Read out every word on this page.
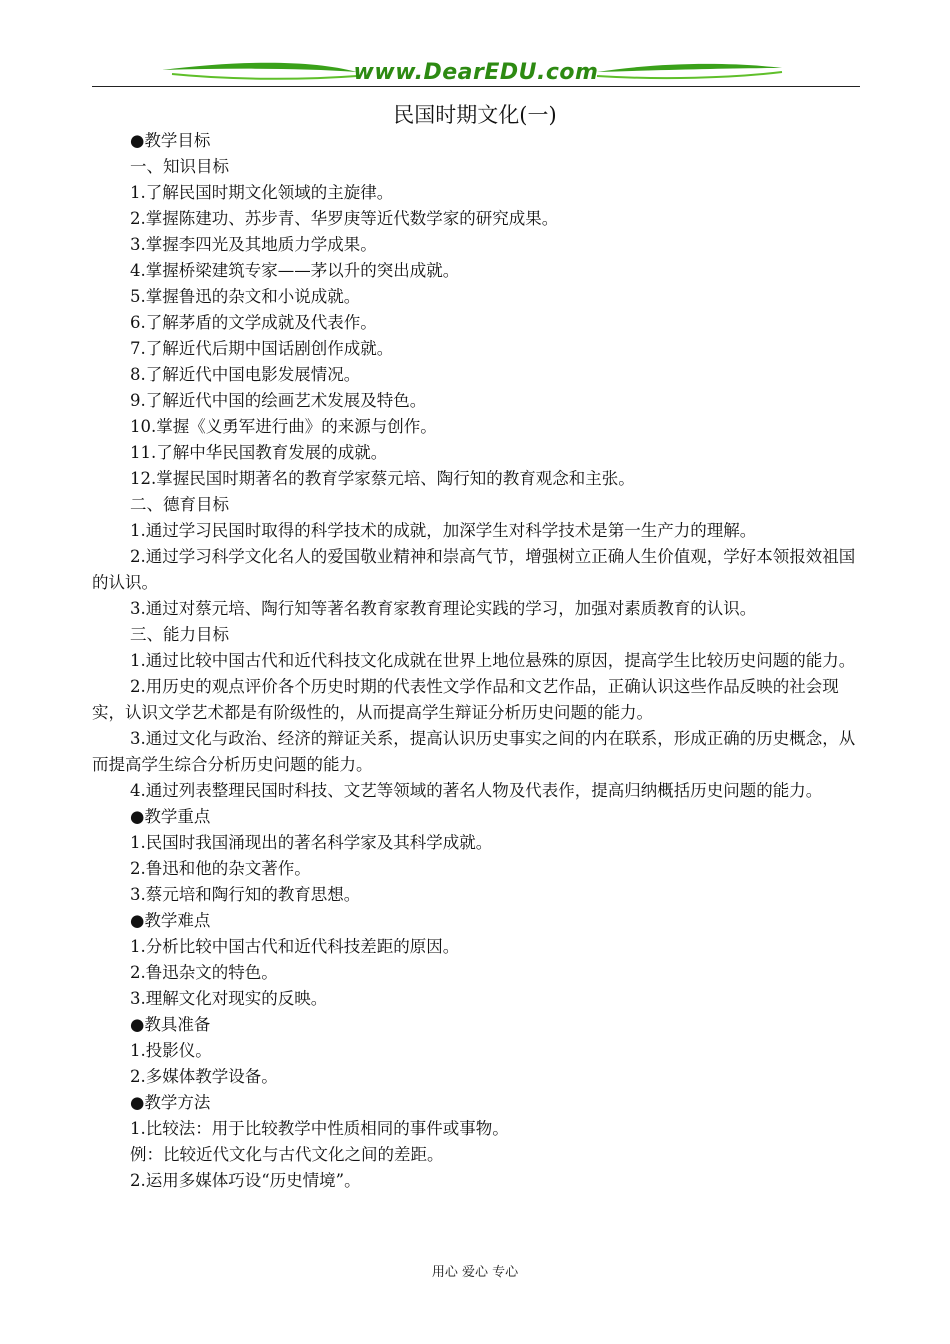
www.DearEDU.com
民国时期文化(一)

●教学目标

一、知识目标

1.了解民国时期文化领域的主旋律。

2.掌握陈建功、苏步青、华罗庚等近代数学家的研究成果。

3.掌握李四光及其地质力学成果。

4.掌握桥梁建筑专家——茅以升的突出成就。

5.掌握鲁迅的杂文和小说成就。

6.了解茅盾的文学成就及代表作。

7.了解近代后期中国话剧创作成就。

8.了解近代中国电影发展情况。

9.了解近代中国的绘画艺术发展及特色。

10.掌握《义勇军进行曲》的来源与创作。

11.了解中华民国教育发展的成就。

12.掌握民国时期著名的教育学家蔡元培、陶行知的教育观念和主张。

二、德育目标

1.通过学习民国时取得的科学技术的成就，加深学生对科学技术是第一生产力的理解。

2.通过学习科学文化名人的爱国敬业精神和崇高气节，增强树立正确人生价值观，学好本领报效祖国的认识。

3.通过对蔡元培、陶行知等著名教育家教育理论实践的学习，加强对素质教育的认识。

三、能力目标

1.通过比较中国古代和近代科技文化成就在世界上地位悬殊的原因，提高学生比较历史问题的能力。

2.用历史的观点评价各个历史时期的代表性文学作品和文艺作品，正确认识这些作品反映的社会现实，认识文学艺术都是有阶级性的，从而提高学生辩证分析历史问题的能力。

3.通过文化与政治、经济的辩证关系，提高认识历史事实之间的内在联系，形成正确的历史概念，从而提高学生综合分析历史问题的能力。

4.通过列表整理民国时科技、文艺等领域的著名人物及代表作，提高归纳概括历史问题的能力。

●教学重点

1.民国时我国涌现出的著名科学家及其科学成就。

2.鲁迅和他的杂文著作。

3.蔡元培和陶行知的教育思想。

●教学难点

1.分析比较中国古代和近代科技差距的原因。

2.鲁迅杂文的特色。

3.理解文化对现实的反映。

●教具准备

1.投影仪。

2.多媒体教学设备。

●教学方法

1.比较法：用于比较教学中性质相同的事件或事物。

例：比较近代文化与古代文化之间的差距。

2.运用多媒体巧设“历史情境”。

用心 爱心 专心
